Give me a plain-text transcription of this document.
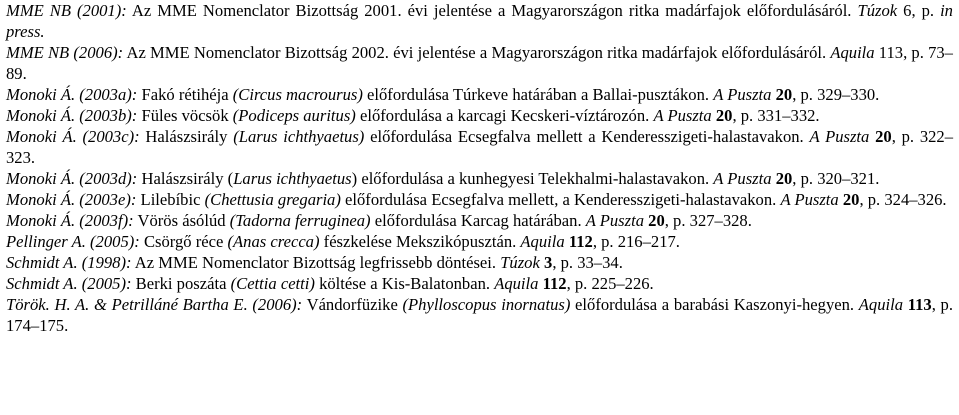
MME NB (2001): Az MME Nomenclator Bizottság 2001. évi jelentése a Magyarországon ritka madárfajok előfordulásáról. Túzok 6, p. in press.

MME NB (2006): Az MME Nomenclator Bizottság 2002. évi jelentése a Magyarországon ritka madárfajok előfordulásáról. Aquila 113, p. 73–89.

Monoki Á. (2003a): Fakó rétihéja (Circus macrourus) előfordulása Túrkeve határában a Ballai-pusztákon. A Puszta 20, p. 329–330.

Monoki Á. (2003b): Füles vöcsök (Podiceps auritus) előfordulása a karcagi Kecskeri-víztározón. A Puszta 20, p. 331–332.

Monoki Á. (2003c): Halászsirály (Larus ichthyaetus) előfordulása Ecsegfalva mellett a Kenderesszigeti-halastavakon. A Puszta 20, p. 322–323.

Monoki Á. (2003d): Halászsirály (Larus ichthyaetus) előfordulása a kunhegyesi Telekhalmi-halastavakon. A Puszta 20, p. 320–321.

Monoki Á. (2003e): Lilebíbic (Chettusia gregaria) előfordulása Ecsegfalva mellett, a Kenderesszigeti-halastavakon. A Puszta 20, p. 324–326.

Monoki Á. (2003f): Vörös ásólúd (Tadorna ferruginea) előfordulása Karcag határában. A Puszta 20, p. 327–328.

Pellinger A. (2005): Csörgő réce (Anas crecca) fészkelése Mekszikópusztán. Aquila 112, p. 216–217.

Schmidt A. (1998): Az MME Nomenclator Bizottság legfrissebb döntései. Túzok 3, p. 33–34.

Schmidt A. (2005): Berki poszáta (Cettia cetti) költése a Kis-Balatonban. Aquila 112, p. 225–226.

Török. H. A. & Petrilláné Bartha E. (2006): Vándorfüzike (Phylloscopus inornatus) előfordulása a barabási Kaszonyi-hegyen. Aquila 113, p. 174–175.
